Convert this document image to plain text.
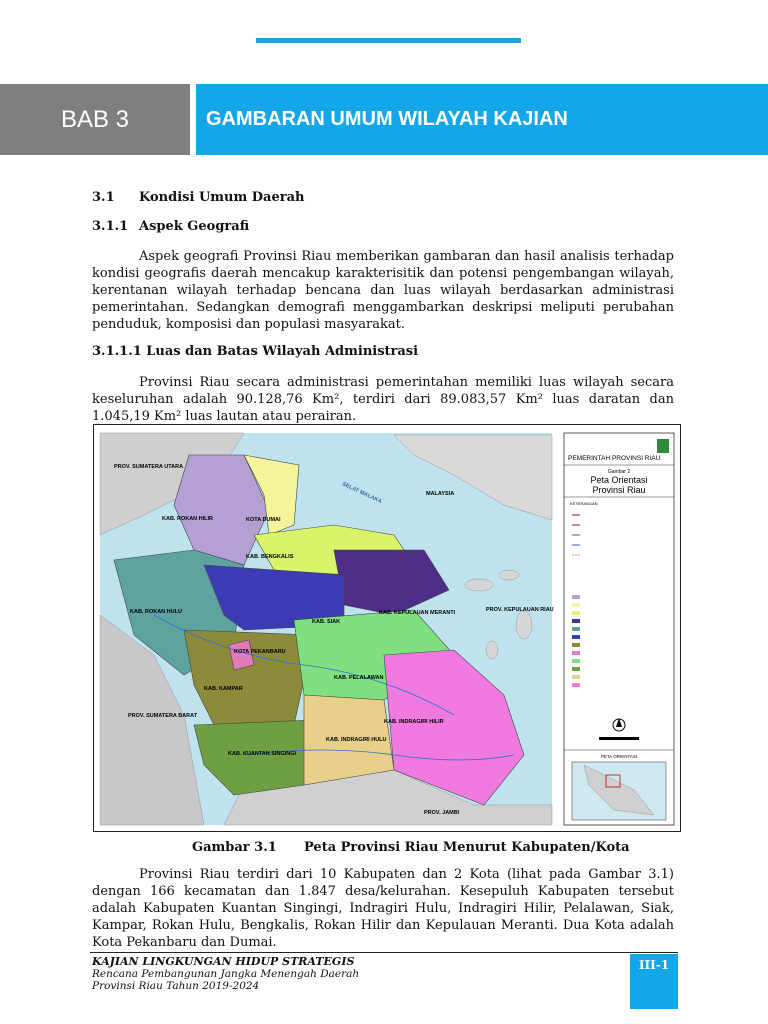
BAB 3	GAMBARAN UMUM WILAYAH KAJIAN
3.1 Kondisi Umum Daerah
3.1.1 Aspek Geografi

Aspek geografi Provinsi Riau memberikan gambaran dan hasil analisis terhadap kondisi geografis daerah mencakup karakterisitik dan potensi pengembangan wilayah, kerentanan wilayah terhadap bencana dan luas wilayah berdasarkan administrasi pemerintahan. Sedangkan demografi menggambarkan deskripsi meliputi perubahan penduduk, komposisi dan populasi masyarakat.

3.1.1.1 Luas dan Batas Wilayah Administrasi

Provinsi Riau secara administrasi pemerintahan memiliki luas wilayah secara keseluruhan adalah 90.128,76 Km², terdiri dari 89.083,57 Km² luas daratan dan 1.045,19 Km² luas lautan atau perairan.

PROV. SUMATERA UTARA
MALAYSIA
SELAT MALAKA
KAB. ROKAN HILIR	KOTA DUMAI
KAB. BENGKALIS
KAB. ROKAN HULU
KAB. SIAK
KAB. KEPULAUAN MERANTI	PROV. KEPULAUAN RIAU
KOTA PEKANBARU
KAB. KAMPAR
KAB. PELALAWAN
PROV. SUMATERA BARAT
KAB. INDRAGIRI HILIR
KAB. INDRAGIRI HULU
KAB. KUANTAN SINGINGI
PROV. JAMBI
PEMERINTAH PROVINSI RIAU
Gambar 2
Peta Orientasi
Provinsi Riau
KETERANGAN
PETA ORIENTASI
Gambar 3.1 Peta Provinsi Riau Menurut Kabupaten/Kota

Provinsi Riau terdiri dari 10 Kabupaten dan 2 Kota (lihat pada Gambar 3.1) dengan 166 kecamatan dan 1.847 desa/kelurahan. Kesepuluh Kabupaten tersebut adalah Kabupaten Kuantan Singingi, Indragiri Hulu, Indragiri Hilir, Pelalawan, Siak, Kampar, Rokan Hulu, Bengkalis, Rokan Hilir dan Kepulauan Meranti. Dua Kota adalah Kota Pekanbaru dan Dumai.

KAJIAN LINGKUNGAN HIDUP STRATEGIS
Rencana Pembangunan Jangka Menengah Daerah
Provinsi Riau Tahun 2019-2024
III-1
